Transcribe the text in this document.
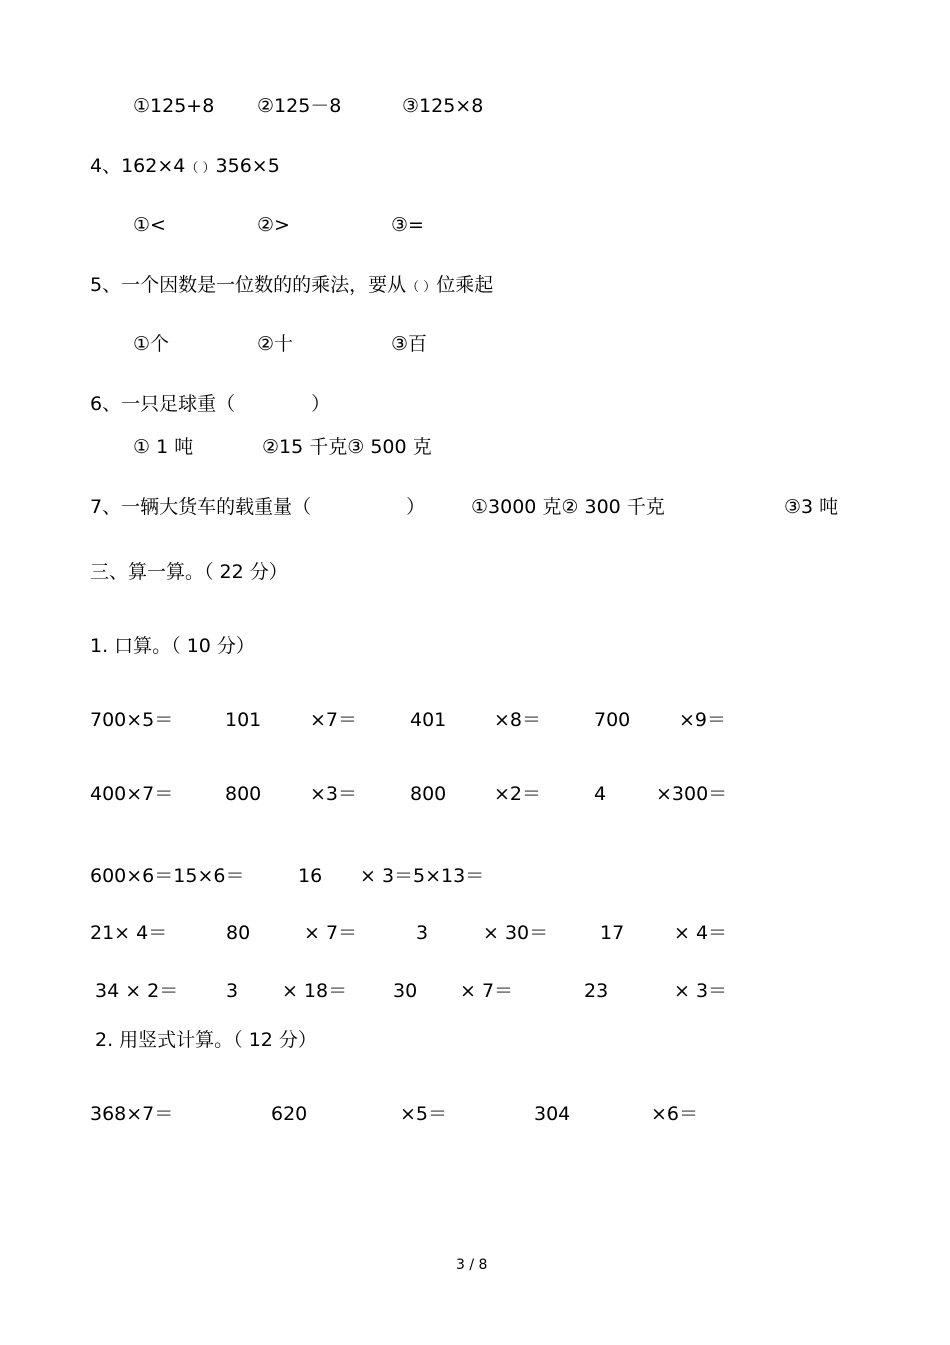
①125+8 ②125－8	③125×8
4、162×4（ ）356×5
①<	②>	③=
5、一个因数是一位数的的乘法，要从（ ）位乘起
①个	②十	③百
6、一只足球重（　　　　）
① 1 吨	②15 千克③ 500 克
7、一辆大货车的载重量（　　　　　） ①3000 克② 300 千克	③3 吨
三、算一算。（ 22 分）
1. 口算。（ 10 分）
700×5＝	101	×7＝	401	×8＝	700	×9＝
400×7＝	800	×3＝	800	×2＝	4	×300＝
600×6＝15×6＝	16 × 3＝5×13＝
21× 4＝	80	× 7＝	3	× 30＝	17	× 4＝
34 × 2＝	3 × 18＝ 30 × 7＝	23	× 3＝
2. 用竖式计算。（ 12 分）
368×7＝	620	×5＝	304	×6＝
3 / 8
